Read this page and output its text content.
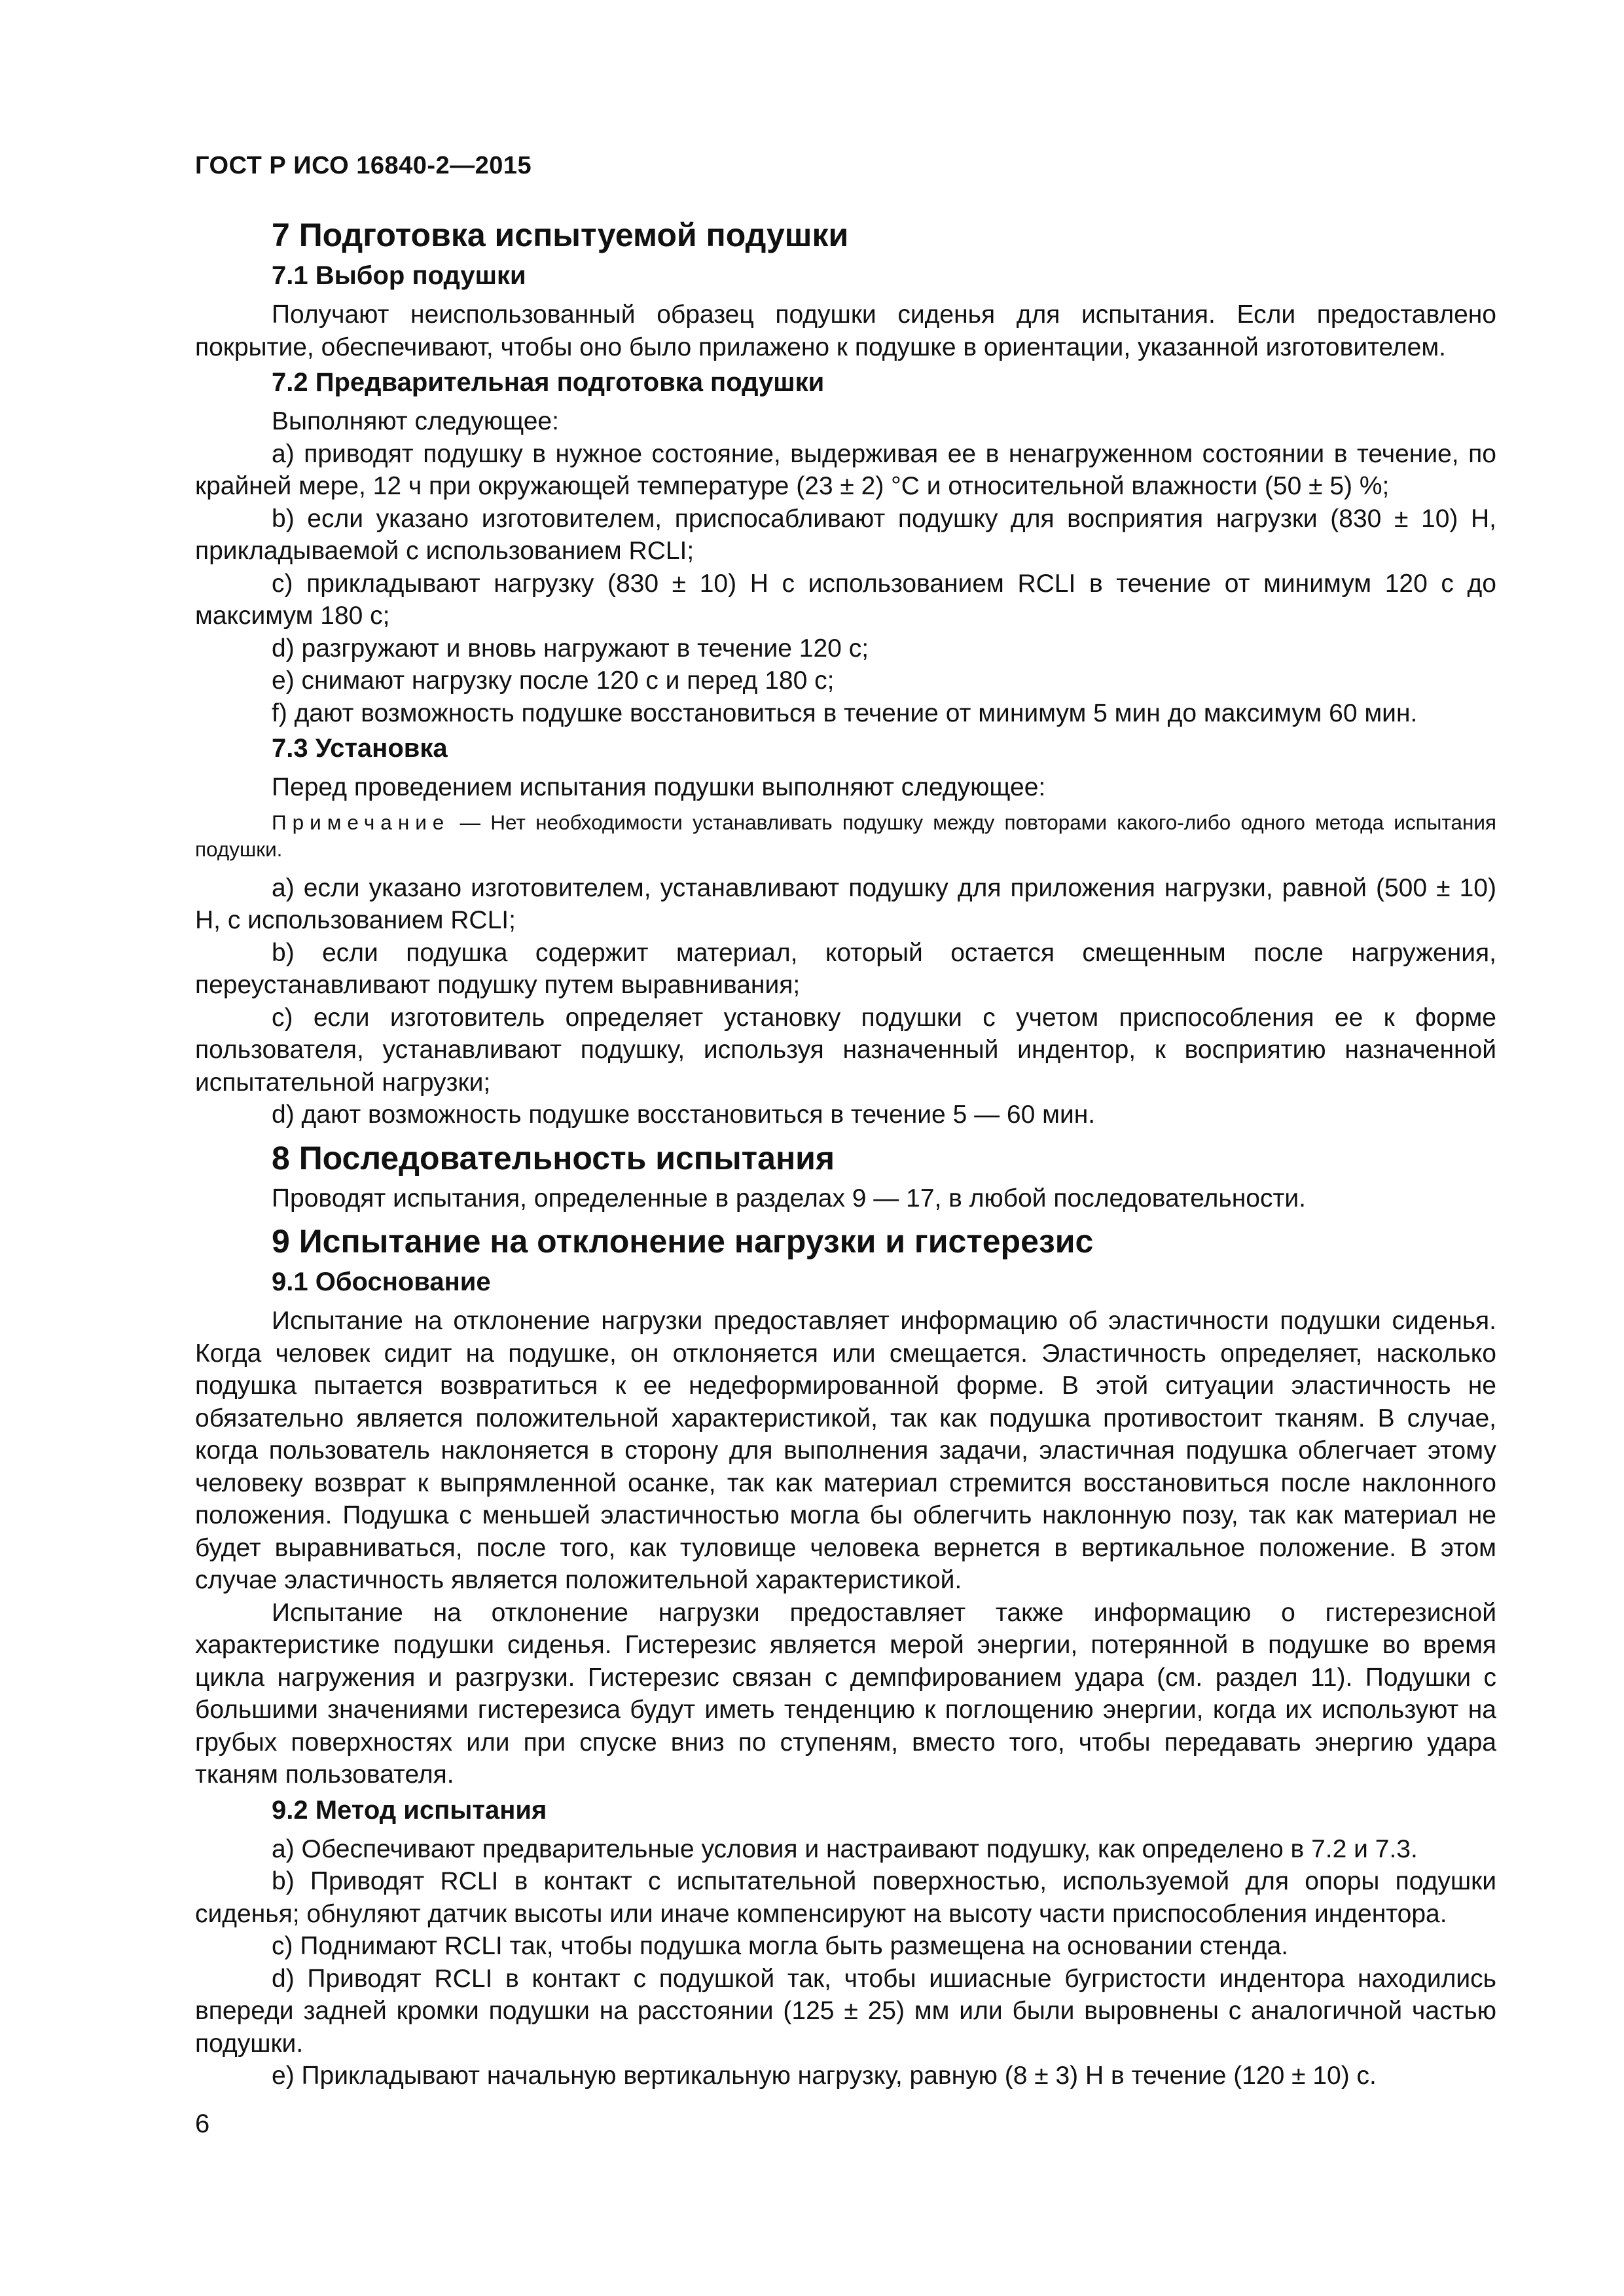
ГОСТ Р ИСО 16840-2—2015
7 Подготовка испытуемой подушки
7.1 Выбор подушки

Получают неиспользованный образец подушки сиденья для испытания. Если предоставлено покрытие, обеспечивают, чтобы оно было прилажено к подушке в ориентации, указанной изготовителем.

7.2 Предварительная подготовка подушки

Выполняют следующее:

a) приводят подушку в нужное состояние, выдерживая ее в ненагруженном состоянии в течение, по крайней мере, 12 ч при окружающей температуре (23 ± 2) °С и относительной влажности (50 ± 5) %;

b) если указано изготовителем, приспосабливают подушку для восприятия нагрузки (830 ± 10) Н, прикладываемой с использованием RCLI;

c) прикладывают нагрузку (830 ± 10) Н с использованием RCLI в течение от минимум 120 с до максимум 180 с;

d) разгружают и вновь нагружают в течение 120 с;

e) снимают нагрузку после 120 с и перед 180 с;

f) дают возможность подушке восстановиться в течение от минимум 5 мин до максимум 60 мин.

7.3 Установка

Перед проведением испытания подушки выполняют следующее:

Примечание — Нет необходимости устанавливать подушку между повторами какого-либо одного метода испытания подушки.

a) если указано изготовителем, устанавливают подушку для приложения нагрузки, равной (500 ± 10) Н, с использованием RCLI;

b) если подушка содержит материал, который остается смещенным после нагружения, переустанавливают подушку путем выравнивания;

c) если изготовитель определяет установку подушки с учетом приспособления ее к форме пользователя, устанавливают подушку, используя назначенный индентор, к восприятию назначенной испытательной нагрузки;

d) дают возможность подушке восстановиться в течение 5 — 60 мин.

8 Последовательность испытания

Проводят испытания, определенные в разделах 9 — 17, в любой последовательности.

9 Испытание на отклонение нагрузки и гистерезис
9.1 Обоснование

Испытание на отклонение нагрузки предоставляет информацию об эластичности подушки сиденья. Когда человек сидит на подушке, он отклоняется или смещается. Эластичность определяет, насколько подушка пытается возвратиться к ее недеформированной форме. В этой ситуации эластичность не обязательно является положительной характеристикой, так как подушка противостоит тканям. В случае, когда пользователь наклоняется в сторону для выполнения задачи, эластичная подушка облегчает этому человеку возврат к выпрямленной осанке, так как материал стремится восстановиться после наклонного положения. Подушка с меньшей эластичностью могла бы облегчить наклонную позу, так как материал не будет выравниваться, после того, как туловище человека вернется в вертикальное положение. В этом случае эластичность является положительной характеристикой.

Испытание на отклонение нагрузки предоставляет также информацию о гистерезисной характеристике подушки сиденья. Гистерезис является мерой энергии, потерянной в подушке во время цикла нагружения и разгрузки. Гистерезис связан с демпфированием удара (см. раздел 11). Подушки с большими значениями гистерезиса будут иметь тенденцию к поглощению энергии, когда их используют на грубых поверхностях или при спуске вниз по ступеням, вместо того, чтобы передавать энергию удара тканям пользователя.

9.2 Метод испытания

a) Обеспечивают предварительные условия и настраивают подушку, как определено в 7.2 и 7.3.

b) Приводят RCLI в контакт с испытательной поверхностью, используемой для опоры подушки сиденья; обнуляют датчик высоты или иначе компенсируют на высоту части приспособления индентора.

c) Поднимают RCLI так, чтобы подушка могла быть размещена на основании стенда.

d) Приводят RCLI в контакт с подушкой так, чтобы ишиасные бугристости индентора находились впереди задней кромки подушки на расстоянии (125 ± 25) мм или были выровнены с аналогичной частью подушки.

e) Прикладывают начальную вертикальную нагрузку, равную (8 ± 3) Н в течение (120 ± 10) с.

6
